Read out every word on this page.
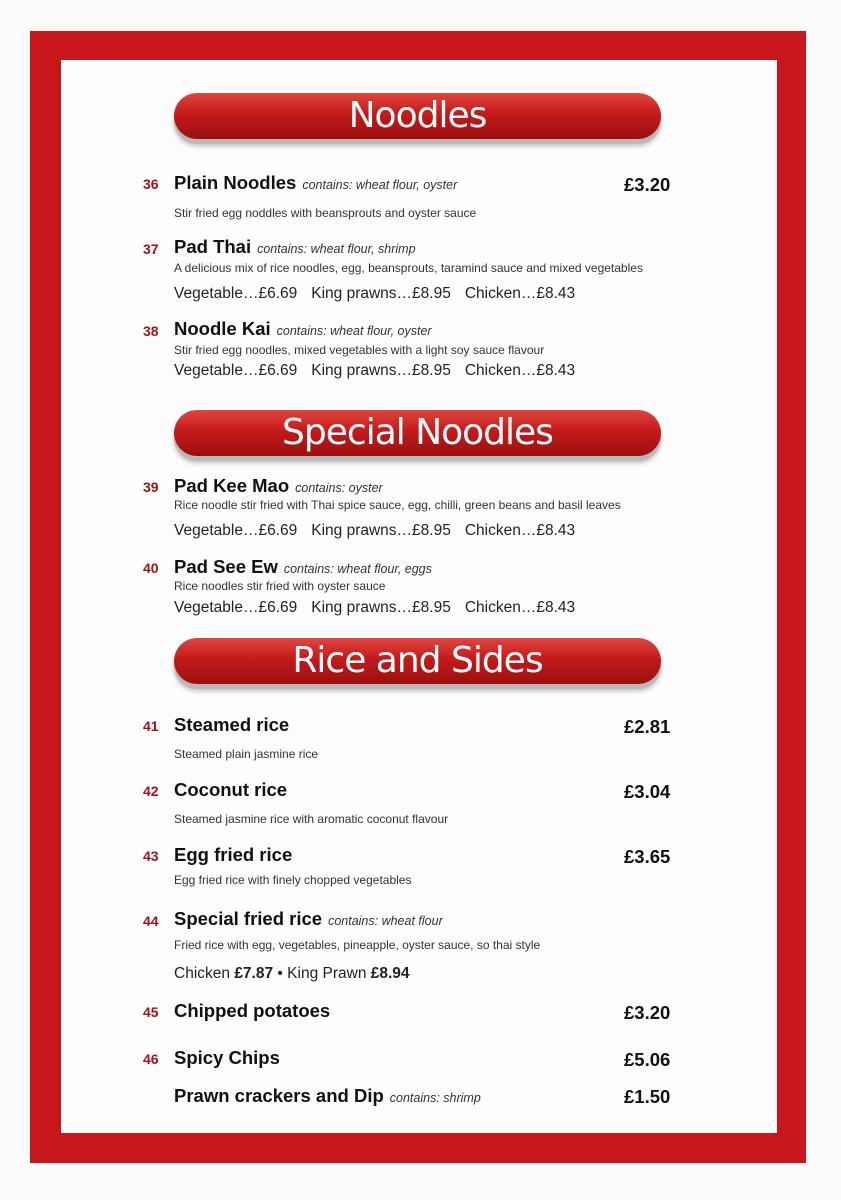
Noodles
Special Noodles
Rice and Sides
36 Plain Noodles contains: wheat flour, oyster	£3.20
Stir fried egg noddles with beansprouts and oyster sauce
37 Pad Thai contains: wheat flour, shrimp
A delicious mix of rice noodles, egg, beansprouts, taramind sauce and mixed vegetables
Vegetable…£6.69 King prawns…£8.95 Chicken…£8.43
38 Noodle Kai contains: wheat flour, oyster
Stir fried egg noodles, mixed vegetables with a light soy sauce flavour
Vegetable…£6.69 King prawns…£8.95 Chicken…£8.43
39 Pad Kee Mao contains: oyster
Rice noodle stir fried with Thai spice sauce, egg, chilli, green beans and basil leaves
Vegetable…£6.69 King prawns…£8.95 Chicken…£8.43
40 Pad See Ew contains: wheat flour, eggs
Rice noodles stir fried with oyster sauce
Vegetable…£6.69 King prawns…£8.95 Chicken…£8.43
41 Steamed rice	£2.81
Steamed plain jasmine rice
42 Coconut rice	£3.04
Steamed jasmine rice with aromatic coconut flavour
43 Egg fried rice	£3.65
Egg fried rice with finely chopped vegetables
44 Special fried rice contains: wheat flour
Fried rice with egg, vegetables, pineapple, oyster sauce, so thai style
Chicken £7.87 • King Prawn £8.94
45 Chipped potatoes	£3.20
46 Spicy Chips	£5.06
Prawn crackers and Dip contains: shrimp	£1.50
